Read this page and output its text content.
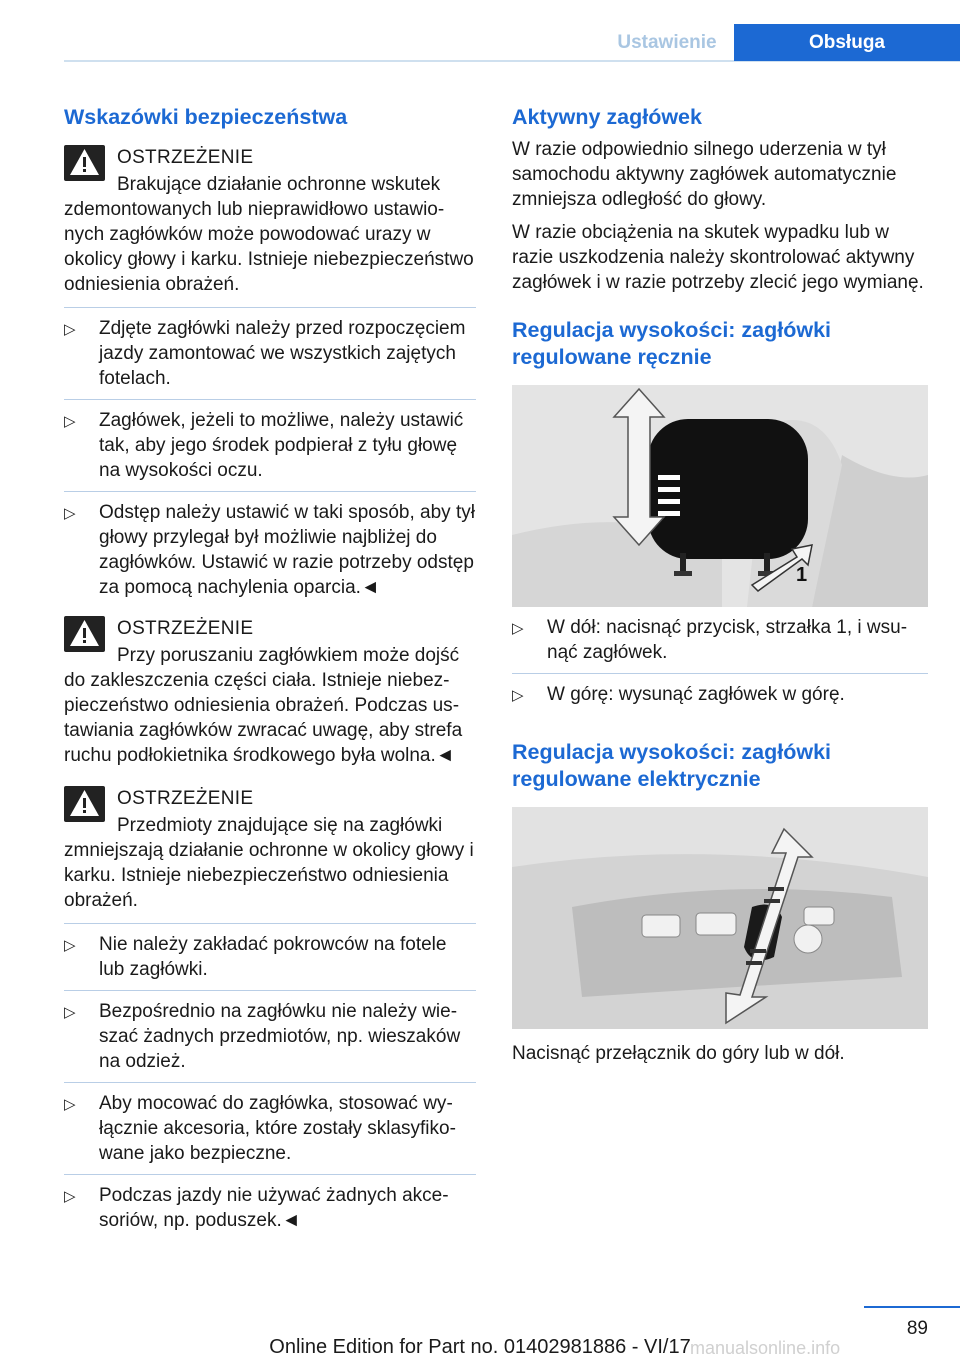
Ustawienie	Obsługa
Wskazówki bezpieczeństwa
OSTRZEŻENIE
Brakujące działanie ochronne wskutek zdemontowanych lub nieprawidłowo ustawionych zagłówków może powodować urazy w okolicy głowy i karku. Istnieje niebezpieczeństwo odniesienia obrażeń.
▷	Zdjęte zagłówki należy przed rozpoczęciem jazdy zamontować we wszystkich zajętych fotelach.
▷	Zagłówek, jeżeli to możliwe, należy ustawić tak, aby jego środek podpierał z tyłu głowę na wysokości oczu.
▷	Odstęp należy ustawić w taki sposób, aby tył głowy przylegał był możliwie najbliżej do zagłówków. Ustawić w razie potrzeby odstęp za pomocą nachylenia oparcia.◄
OSTRZEŻENIE
Przy poruszaniu zagłówkiem może dojść do zakleszczenia części ciała. Istnieje niebezpieczeństwo odniesienia obrażeń. Podczas ustawiania zagłówków zwracać uwagę, aby strefa ruchu podłokietnika środkowego była wolna.◄
OSTRZEŻENIE
Przedmioty znajdujące się na zagłówki zmniejszają działanie ochronne w okolicy głowy i karku. Istnieje niebezpieczeństwo odniesienia obrażeń.
▷	Nie należy zakładać pokrowców na fotele lub zagłówki.
▷	Bezpośrednio na zagłówku nie należy wieszać żadnych przedmiotów, np. wieszaków na odzież.
▷	Aby mocować do zagłówka, stosować wyłącznie akcesoria, które zostały sklasyfikowane jako bezpieczne.
▷	Podczas jazdy nie używać żadnych akcesoriów, np. poduszek.◄
Aktywny zagłówek

W razie odpowiednio silnego uderzenia w tył samochodu aktywny zagłówek automatycznie zmniejsza odległość do głowy.

W razie obciążenia na skutek wypadku lub w razie uszkodzenia należy skontrolować aktywny zagłówek i w razie potrzeby zlecić jego wymianę.

Regulacja wysokości: zagłówki regulowane ręcznie
1
▷	W dół: nacisnąć przycisk, strzałka 1, i wsunąć zagłówek.
▷	W górę: wysunąć zagłówek w górę.
Regulacja wysokości: zagłówki regulowane elektrycznie

Nacisnąć przełącznik do góry lub w dół.

89
manualsonline.info
Online Edition for Part no. 01402981886 - VI/17
